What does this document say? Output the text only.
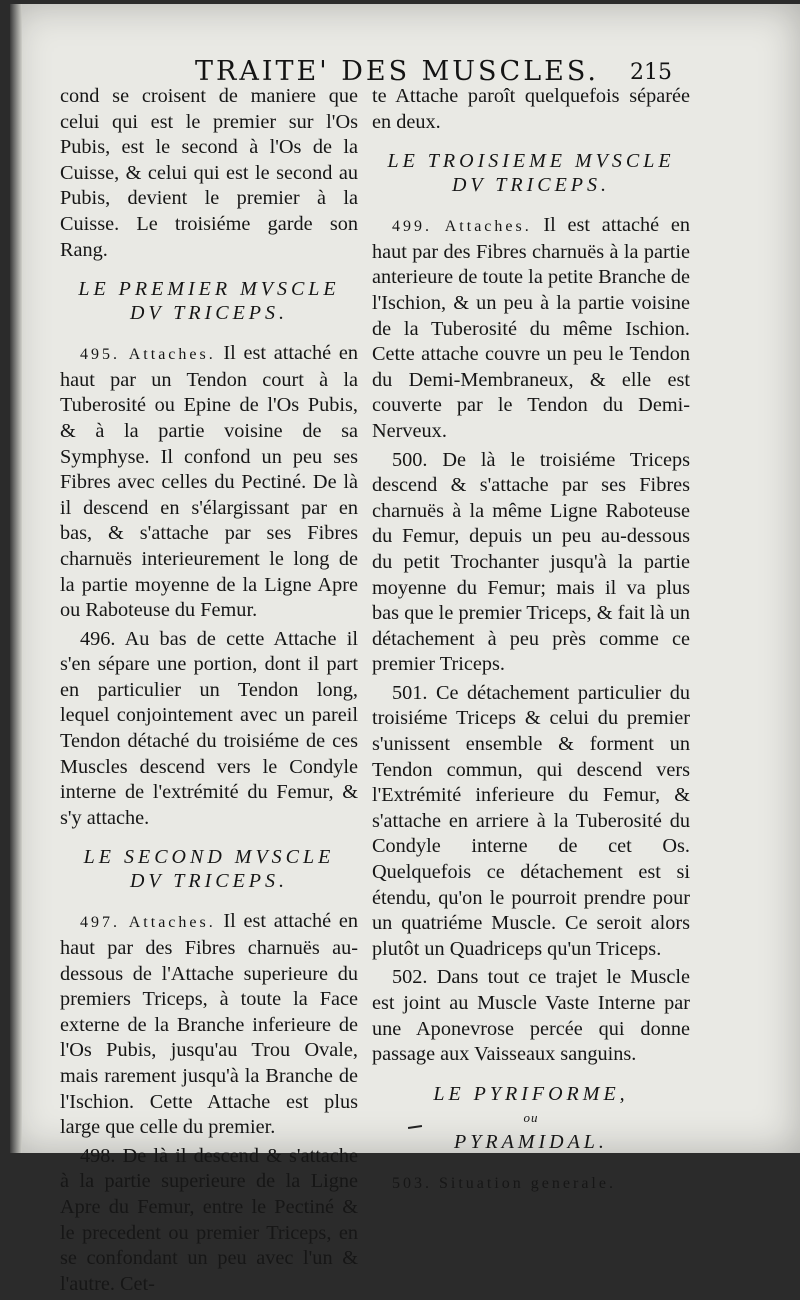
TRAITE' DES MUSCLES. 215

cond se croisent de maniere que celui qui est le premier sur l'Os Pubis, est le second à l'Os de la Cuisse, & celui qui est le second au Pubis, devient le premier à la Cuisse. Le troisiéme garde son Rang.

LE PREMIER MVSCLE
DV TRICEPS.

495. Attaches. Il est attaché en haut par un Tendon court à la Tuberosité ou Epine de l'Os Pubis, & à la partie voisine de sa Symphyse. Il confond un peu ses Fibres avec celles du Pectiné. De là il descend en s'élargissant par en bas, & s'attache par ses Fibres charnuës interieurement le long de la partie moyenne de la Ligne Apre ou Raboteuse du Femur.

496. Au bas de cette Attache il s'en sépare une portion, dont il part en particulier un Tendon long, lequel conjointement avec un pareil Tendon détaché du troisiéme de ces Muscles descend vers le Condyle interne de l'extrémité du Femur, & s'y attache.

LE SECOND MVSCLE
DV TRICEPS.

497. Attaches. Il est attaché en haut par des Fibres charnuës au-dessous de l'Attache superieure du premiers Triceps, à toute la Face externe de la Branche inferieure de l'Os Pubis, jusqu'au Trou Ovale, mais rarement jusqu'à la Branche de l'Ischion. Cette Attache est plus large que celle du premier.

498. De là il descend & s'attache à la partie superieure de la Ligne Apre du Femur, entre le Pectiné & le precedent ou premier Triceps, en se confondant un peu avec l'un & l'autre. Cet-

te Attache paroît quelquefois séparée en deux.

LE TROISIEME MVSCLE
DV TRICEPS.

499. Attaches. Il est attaché en haut par des Fibres charnuës à la partie anterieure de toute la petite Branche de l'Ischion, & un peu à la partie voisine de la Tuberosité du même Ischion. Cette attache couvre un peu le Tendon du Demi-Membraneux, & elle est couverte par le Tendon du Demi-Nerveux.

500. De là le troisiéme Triceps descend & s'attache par ses Fibres charnuës à la même Ligne Raboteuse du Femur, depuis un peu au-dessous du petit Trochanter jusqu'à la partie moyenne du Femur; mais il va plus bas que le premier Triceps, & fait là un détachement à peu près comme ce premier Triceps.

501. Ce détachement particulier du troisiéme Triceps & celui du premier s'unissent ensemble & forment un Tendon commun, qui descend vers l'Extrémité inferieure du Femur, & s'attache en arriere à la Tuberosité du Condyle interne de cet Os. Quelquefois ce détachement est si étendu, qu'on le pourroit prendre pour un quatriéme Muscle. Ce seroit alors plutôt un Quadriceps qu'un Triceps.

502. Dans tout ce trajet le Muscle est joint au Muscle Vaste Interne par une Aponevrose percée qui donne passage aux Vaisseaux sanguins.

LE PYRIFORME,
ou
PYRAMIDAL.

503. Situation generale.
